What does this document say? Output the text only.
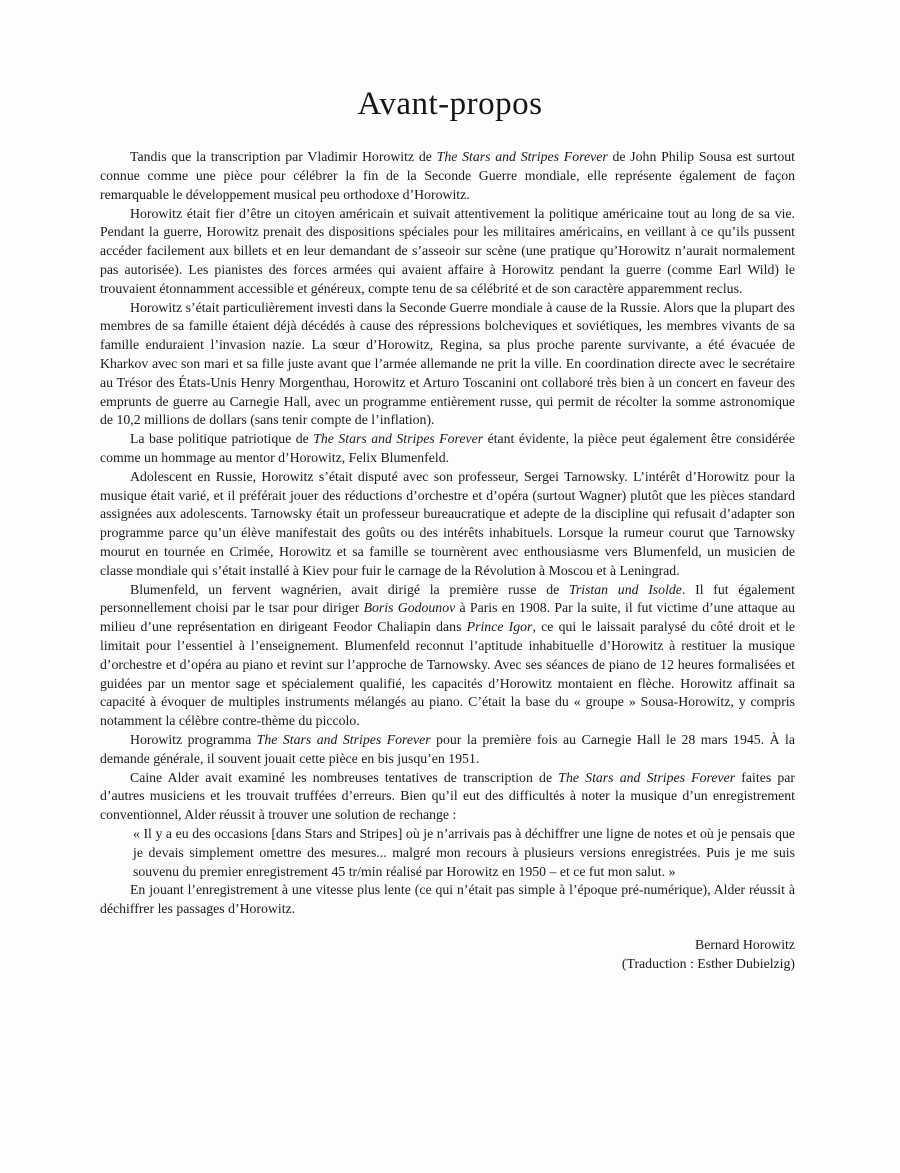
Avant-propos

Tandis que la transcription par Vladimir Horowitz de The Stars and Stripes Forever de John Philip Sousa est surtout connue comme une pièce pour célébrer la fin de la Seconde Guerre mondiale, elle représente également de façon remarquable le développement musical peu orthodoxe d’Horowitz.

Horowitz était fier d’être un citoyen américain et suivait attentivement la politique américaine tout au long de sa vie. Pendant la guerre, Horowitz prenait des dispositions spéciales pour les militaires américains, en veillant à ce qu’ils pussent accéder facilement aux billets et en leur demandant de s’asseoir sur scène (une pratique qu’Horowitz n’aurait normalement pas autorisée). Les pianistes des forces armées qui avaient affaire à Horowitz pendant la guerre (comme Earl Wild) le trouvaient étonnamment accessible et généreux, compte tenu de sa célébrité et de son caractère apparemment reclus.

Horowitz s’était particulièrement investi dans la Seconde Guerre mondiale à cause de la Russie. Alors que la plupart des membres de sa famille étaient déjà décédés à cause des répressions bolcheviques et soviétiques, les membres vivants de sa famille enduraient l’invasion nazie. La sœur d’Horowitz, Regina, sa plus proche parente survivante, a été évacuée de Kharkov avec son mari et sa fille juste avant que l’armée allemande ne prit la ville. En coordination directe avec le secrétaire au Trésor des États-Unis Henry Morgenthau, Horowitz et Arturo Toscanini ont collaboré très bien à un concert en faveur des emprunts de guerre au Carnegie Hall, avec un programme entièrement russe, qui permit de récolter la somme astronomique de 10,2 millions de dollars (sans tenir compte de l’inflation).

La base politique patriotique de The Stars and Stripes Forever étant évidente, la pièce peut également être considérée comme un hommage au mentor d’Horowitz, Felix Blumenfeld.

Adolescent en Russie, Horowitz s’était disputé avec son professeur, Sergei Tarnowsky. L’intérêt d’Horowitz pour la musique était varié, et il préférait jouer des réductions d’orchestre et d’opéra (surtout Wagner) plutôt que les pièces standard assignées aux adolescents. Tarnowsky était un professeur bureaucratique et adepte de la discipline qui refusait d’adapter son programme parce qu’un élève manifestait des goûts ou des intérêts inhabituels. Lorsque la rumeur courut que Tarnowsky mourut en tournée en Crimée, Horowitz et sa famille se tournèrent avec enthousiasme vers Blumenfeld, un musicien de classe mondiale qui s’était installé à Kiev pour fuir le carnage de la Révolution à Moscou et à Leningrad.

Blumenfeld, un fervent wagnérien, avait dirigé la première russe de Tristan und Isolde. Il fut également personnellement choisi par le tsar pour diriger Boris Godounov à Paris en 1908. Par la suite, il fut victime d’une attaque au milieu d’une représentation en dirigeant Feodor Chaliapin dans Prince Igor, ce qui le laissait paralysé du côté droit et le limitait pour l’essentiel à l’enseignement. Blumenfeld reconnut l’aptitude inhabituelle d’Horowitz à restituer la musique d’orchestre et d’opéra au piano et revint sur l’approche de Tarnowsky. Avec ses séances de piano de 12 heures formalisées et guidées par un mentor sage et spécialement qualifié, les capacités d’Horowitz montaient en flèche. Horowitz affinait sa capacité à évoquer de multiples instruments mélangés au piano. C’était la base du « groupe » Sousa-Horowitz, y compris notamment la célèbre contre-thème du piccolo.

Horowitz programma The Stars and Stripes Forever pour la première fois au Carnegie Hall le 28 mars 1945. À la demande générale, il souvent jouait cette pièce en bis jusqu’en 1951.

Caine Alder avait examiné les nombreuses tentatives de transcription de The Stars and Stripes Forever faites par d’autres musiciens et les trouvait truffées d’erreurs. Bien qu’il eut des difficultés à noter la musique d’un enregistrement conventionnel, Alder réussit à trouver une solution de rechange :

« Il y a eu des occasions [dans Stars and Stripes] où je n’arrivais pas à déchiffrer une ligne de notes et où je pensais que je devais simplement omettre des mesures... malgré mon recours à plusieurs versions enregistrées. Puis je me suis souvenu du premier enregistrement 45 tr/min réalisé par Horowitz en 1950 – et ce fut mon salut. »

En jouant l’enregistrement à une vitesse plus lente (ce qui n’était pas simple à l’époque pré-numérique), Alder réussit à déchiffrer les passages d’Horowitz.

Bernard Horowitz
(Traduction : Esther Dubielzig)
